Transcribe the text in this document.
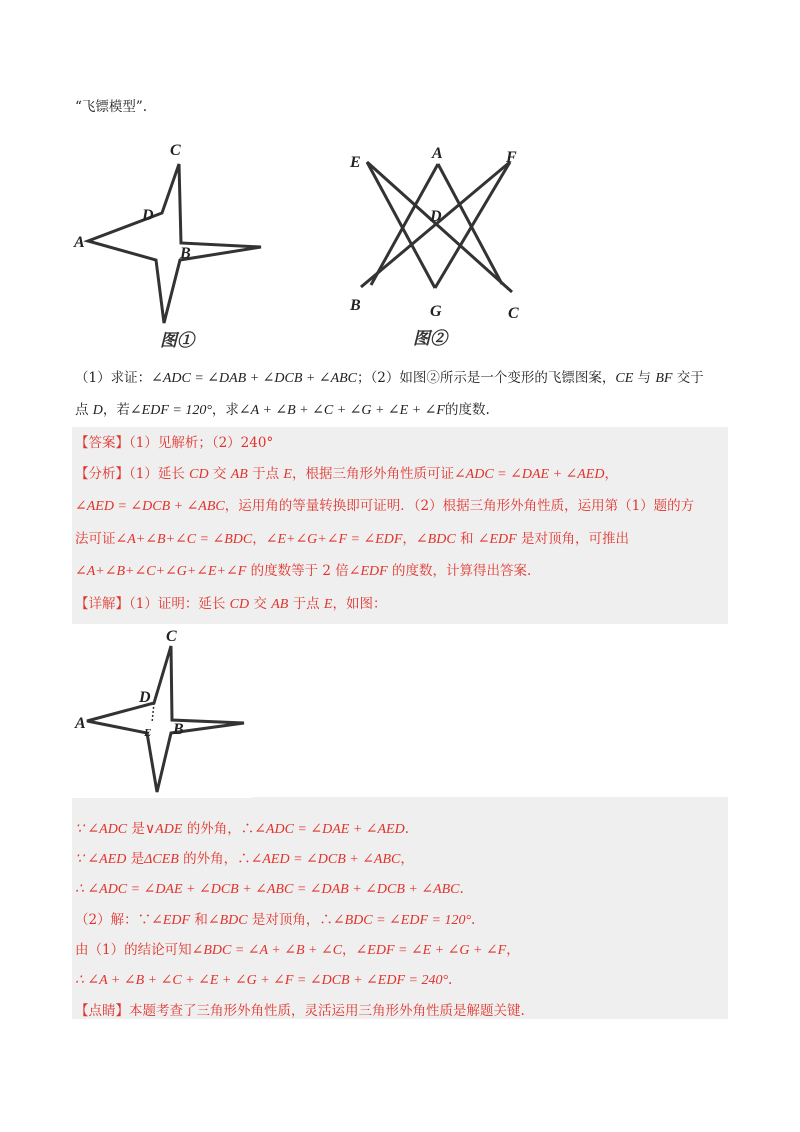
“飞镖模型”.
C
D
A
B
图①
E
A	F
D
B	G	C
图②
（1）求证：∠ADC = ∠DAB + ∠DCB + ∠ABC；（2）如图②所示是一个变形的飞镖图案，CE 与 BF 交于
点 D，若∠EDF = 120°，求∠A + ∠B + ∠C + ∠G + ∠E + ∠F的度数.
【答案】（1）见解析；（2）240°
【分析】（1）延长 CD 交 AB 于点 E，根据三角形外角性质可证∠ADC = ∠DAE + ∠AED，
∠AED = ∠DCB + ∠ABC，运用角的等量转换即可证明．（2）根据三角形外角性质，运用第（1）题的方
法可证∠A+∠B+∠C = ∠BDC，∠E+∠G+∠F = ∠EDF，∠BDC 和 ∠EDF 是对顶角，可推出
∠A+∠B+∠C+∠G+∠E+∠F 的度数等于 2 倍∠EDF 的度数，计算得出答案.
【详解】（1）证明：延长 CD 交 AB 于点 E，如图：
C
D
A
E B
∵ ∠ADC 是∨ADE 的外角，∴∠ADC = ∠DAE + ∠AED.
∵ ∠AED 是ΔCEB 的外角，∴∠AED = ∠DCB + ∠ABC，
∴ ∠ADC = ∠DAE + ∠DCB + ∠ABC = ∠DAB + ∠DCB + ∠ABC.
（2）解：∵∠EDF 和∠BDC 是对顶角，∴∠BDC = ∠EDF = 120°.
由（1）的结论可知∠BDC = ∠A + ∠B + ∠C，∠EDF = ∠E + ∠G + ∠F，
∴ ∠A + ∠B + ∠C + ∠E + ∠G + ∠F = ∠DCB + ∠EDF = 240°.
【点睛】本题考查了三角形外角性质，灵活运用三角形外角性质是解题关键.
